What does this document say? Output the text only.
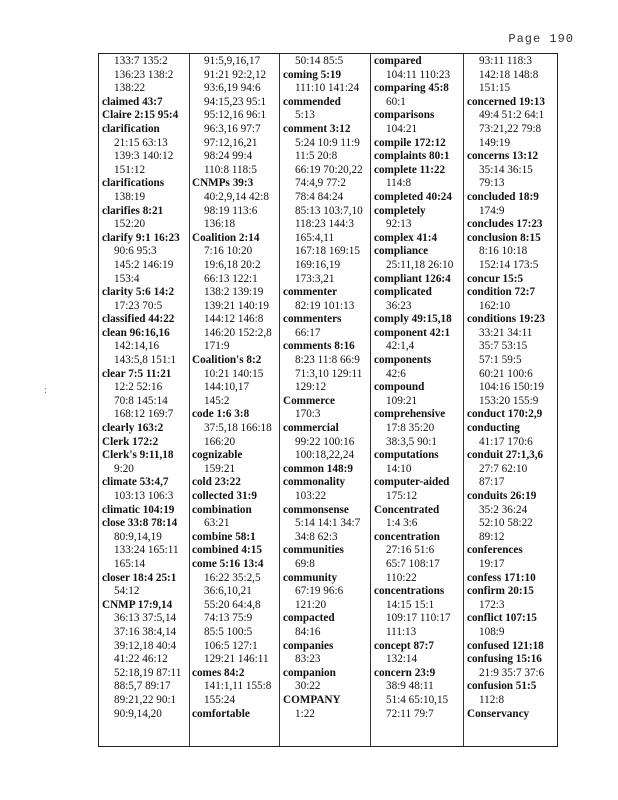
Page 190
:
133:7 135:2
136:23 138:2
138:22
claimed 43:7
Claire 2:15 95:4
clarification
21:15 63:13
139:3 140:12
151:12
clarifications
138:19
clarifies 8:21
152:20
clarify 9:1 16:23
90:6 95:3
145:2 146:19
153:4
clarity 5:6 14:2
17:23 70:5
classified 44:22
clean 96:16,16
142:14,16
143:5,8 151:1
clear 7:5 11:21
12:2 52:16
70:8 145:14
168:12 169:7
clearly 163:2
Clerk 172:2
Clerk's 9:11,18
9:20
climate 53:4,7
103:13 106:3
climatic 104:19
close 33:8 78:14
80:9,14,19
133:24 165:11
165:14
closer 18:4 25:1
54:12
CNMP 17:9,14
36:13 37:5,14
37:16 38:4,14
39:12,18 40:4
41:22 46:12
52:18,19 87:11
88:5,7 89:17
89:21,22 90:1
90:9,14,20
91:5,9,16,17
91:21 92:2,12
93:6,19 94:6
94:15,23 95:1
95:12,16 96:1
96:3,16 97:7
97:12,16,21
98:24 99:4
110:8 118:5
CNMPs 39:3
40:2,9,14 42:8
98:19 113:6
136:18
Coalition 2:14
7:16 10:20
19:6,18 20:2
66:13 122:1
138:2 139:19
139:21 140:19
144:12 146:8
146:20 152:2,8
171:9
Coalition's 8:2
10:21 140:15
144:10,17
145:2
code 1:6 3:8
37:5,18 166:18
166:20
cognizable
159:21
cold 23:22
collected 31:9
combination
63:21
combine 58:1
combined 4:15
come 5:16 13:4
16:22 35:2,5
36:6,10,21
55:20 64:4,8
74:13 75:9
85:5 100:5
106:5 127:1
129:21 146:11
comes 84:2
141:1,11 155:8
155:24
comfortable
50:14 85:5
coming 5:19
111:10 141:24
commended
5:13
comment 3:12
5:24 10:9 11:9
11:5 20:8
66:19 70:20,22
74:4,9 77:2
78:4 84:24
85:13 103:7,10
118:23 144:3
165:4,11
167:18 169:15
169:16,19
173:3,21
commenter
82:19 101:13
commenters
66:17
comments 8:16
8:23 11:8 66:9
71:3,10 129:11
129:12
Commerce
170:3
commercial
99:22 100:16
100:18,22,24
common 148:9
commonality
103:22
commonsense
5:14 14:1 34:7
34:8 62:3
communities
69:8
community
67:19 96:6
121:20
compacted
84:16
companies
83:23
companion
30:22
COMPANY
1:22
compared
104:11 110:23
comparing 45:8
60:1
comparisons
104:21
compile 172:12
complaints 80:1
complete 11:22
114:8
completed 40:24
completely
92:13
complex 41:4
compliance
25:11,18 26:10
compliant 126:4
complicated
36:23
comply 49:15,18
component 42:1
42:1,4
components
42:6
compound
109:21
comprehensive
17:8 35:20
38:3,5 90:1
computations
14:10
computer-aided
175:12
Concentrated
1:4 3:6
concentration
27:16 51:6
65:7 108:17
110:22
concentrations
14:15 15:1
109:17 110:17
111:13
concept 87:7
132:14
concern 23:9
38:9 48:11
51:4 65:10,15
72:11 79:7
93:11 118:3
142:18 148:8
151:15
concerned 19:13
49:4 51:2 64:1
73:21,22 79:8
149:19
concerns 13:12
35:14 36:15
79:13
concluded 18:9
174:9
concludes 17:23
conclusion 8:15
8:16 10:18
152:14 173:5
concur 15:5
condition 72:7
162:10
conditions 19:23
33:21 34:11
35:7 53:15
57:1 59:5
60:21 100:6
104:16 150:19
153:20 155:9
conduct 170:2,9
conducting
41:17 170:6
conduit 27:1,3,6
27:7 62:10
87:17
conduits 26:19
35:2 36:24
52:10 58:22
89:12
conferences
19:17
confess 171:10
confirm 20:15
172:3
conflict 107:15
108:9
confused 121:18
confusing 15:16
21:9 35:7 37:6
confusion 51:5
112:8
Conservancy
